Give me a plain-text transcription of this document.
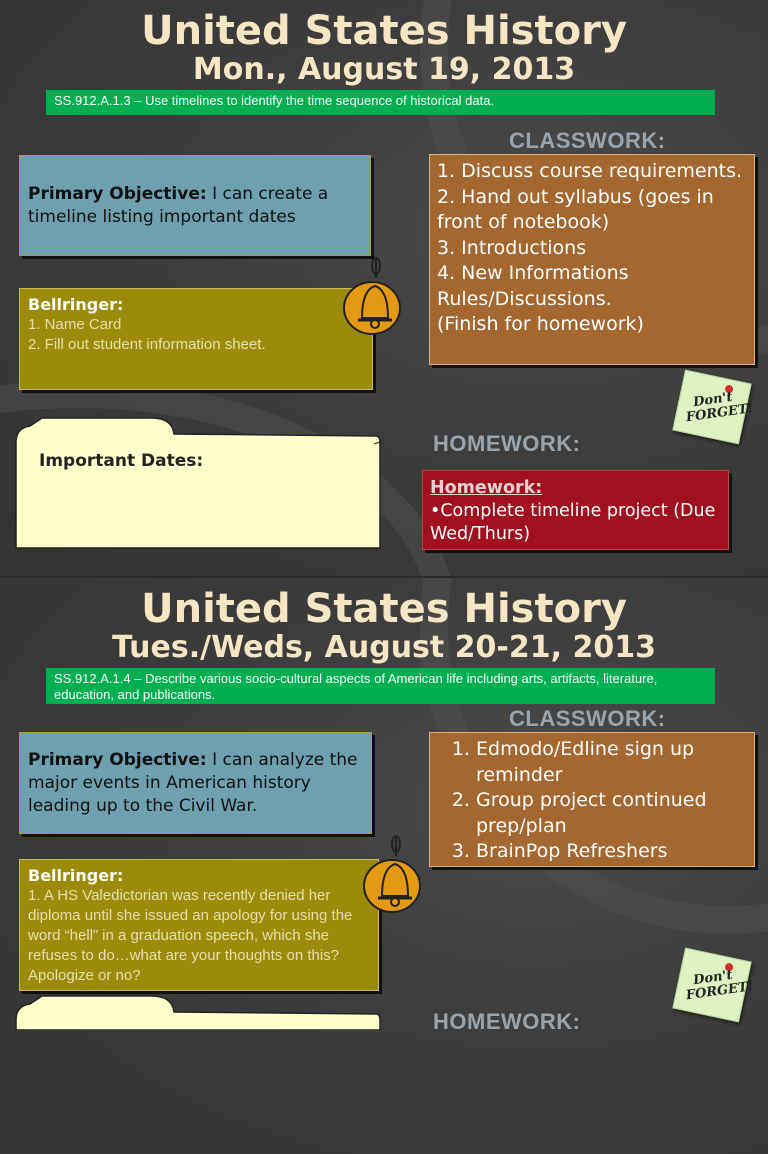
United States History
Mon., August 19, 2013
SS.912.A.1.3 – Use timelines to identify the time sequence of historical data.
CLASSWORK:
Primary Objective: I can create a timeline listing important dates
1. Discuss course requirements.
2. Hand out syllabus (goes in front of notebook)
3. Introductions
4. New Informations Rules/Discussions.
(Finish for homework)
Bellringer:
1. Name Card
2. Fill out student information sheet.
HOMEWORK:
Important Dates:
Homework:
•Complete timeline project (Due Wed/Thurs)
Don't FORGET!
United States History
Tues./Weds, August 20-21, 2013
SS.912.A.1.4 – Describe various socio-cultural aspects of American life including arts, artifacts, literature, education, and publications.
CLASSWORK:
Primary Objective: I can analyze the major events in American history leading up to the Civil War.
1. Edmodo/Edline sign up reminder
2. Group project continued prep/plan
3. BrainPop Refreshers
Bellringer:
1. A HS Valedictorian was recently denied her diploma until she issued an apology for using the word “hell” in a graduation speech, which she refuses to do…what are your thoughts on this? Apologize or no?
HOMEWORK:
Don't FORGET!
